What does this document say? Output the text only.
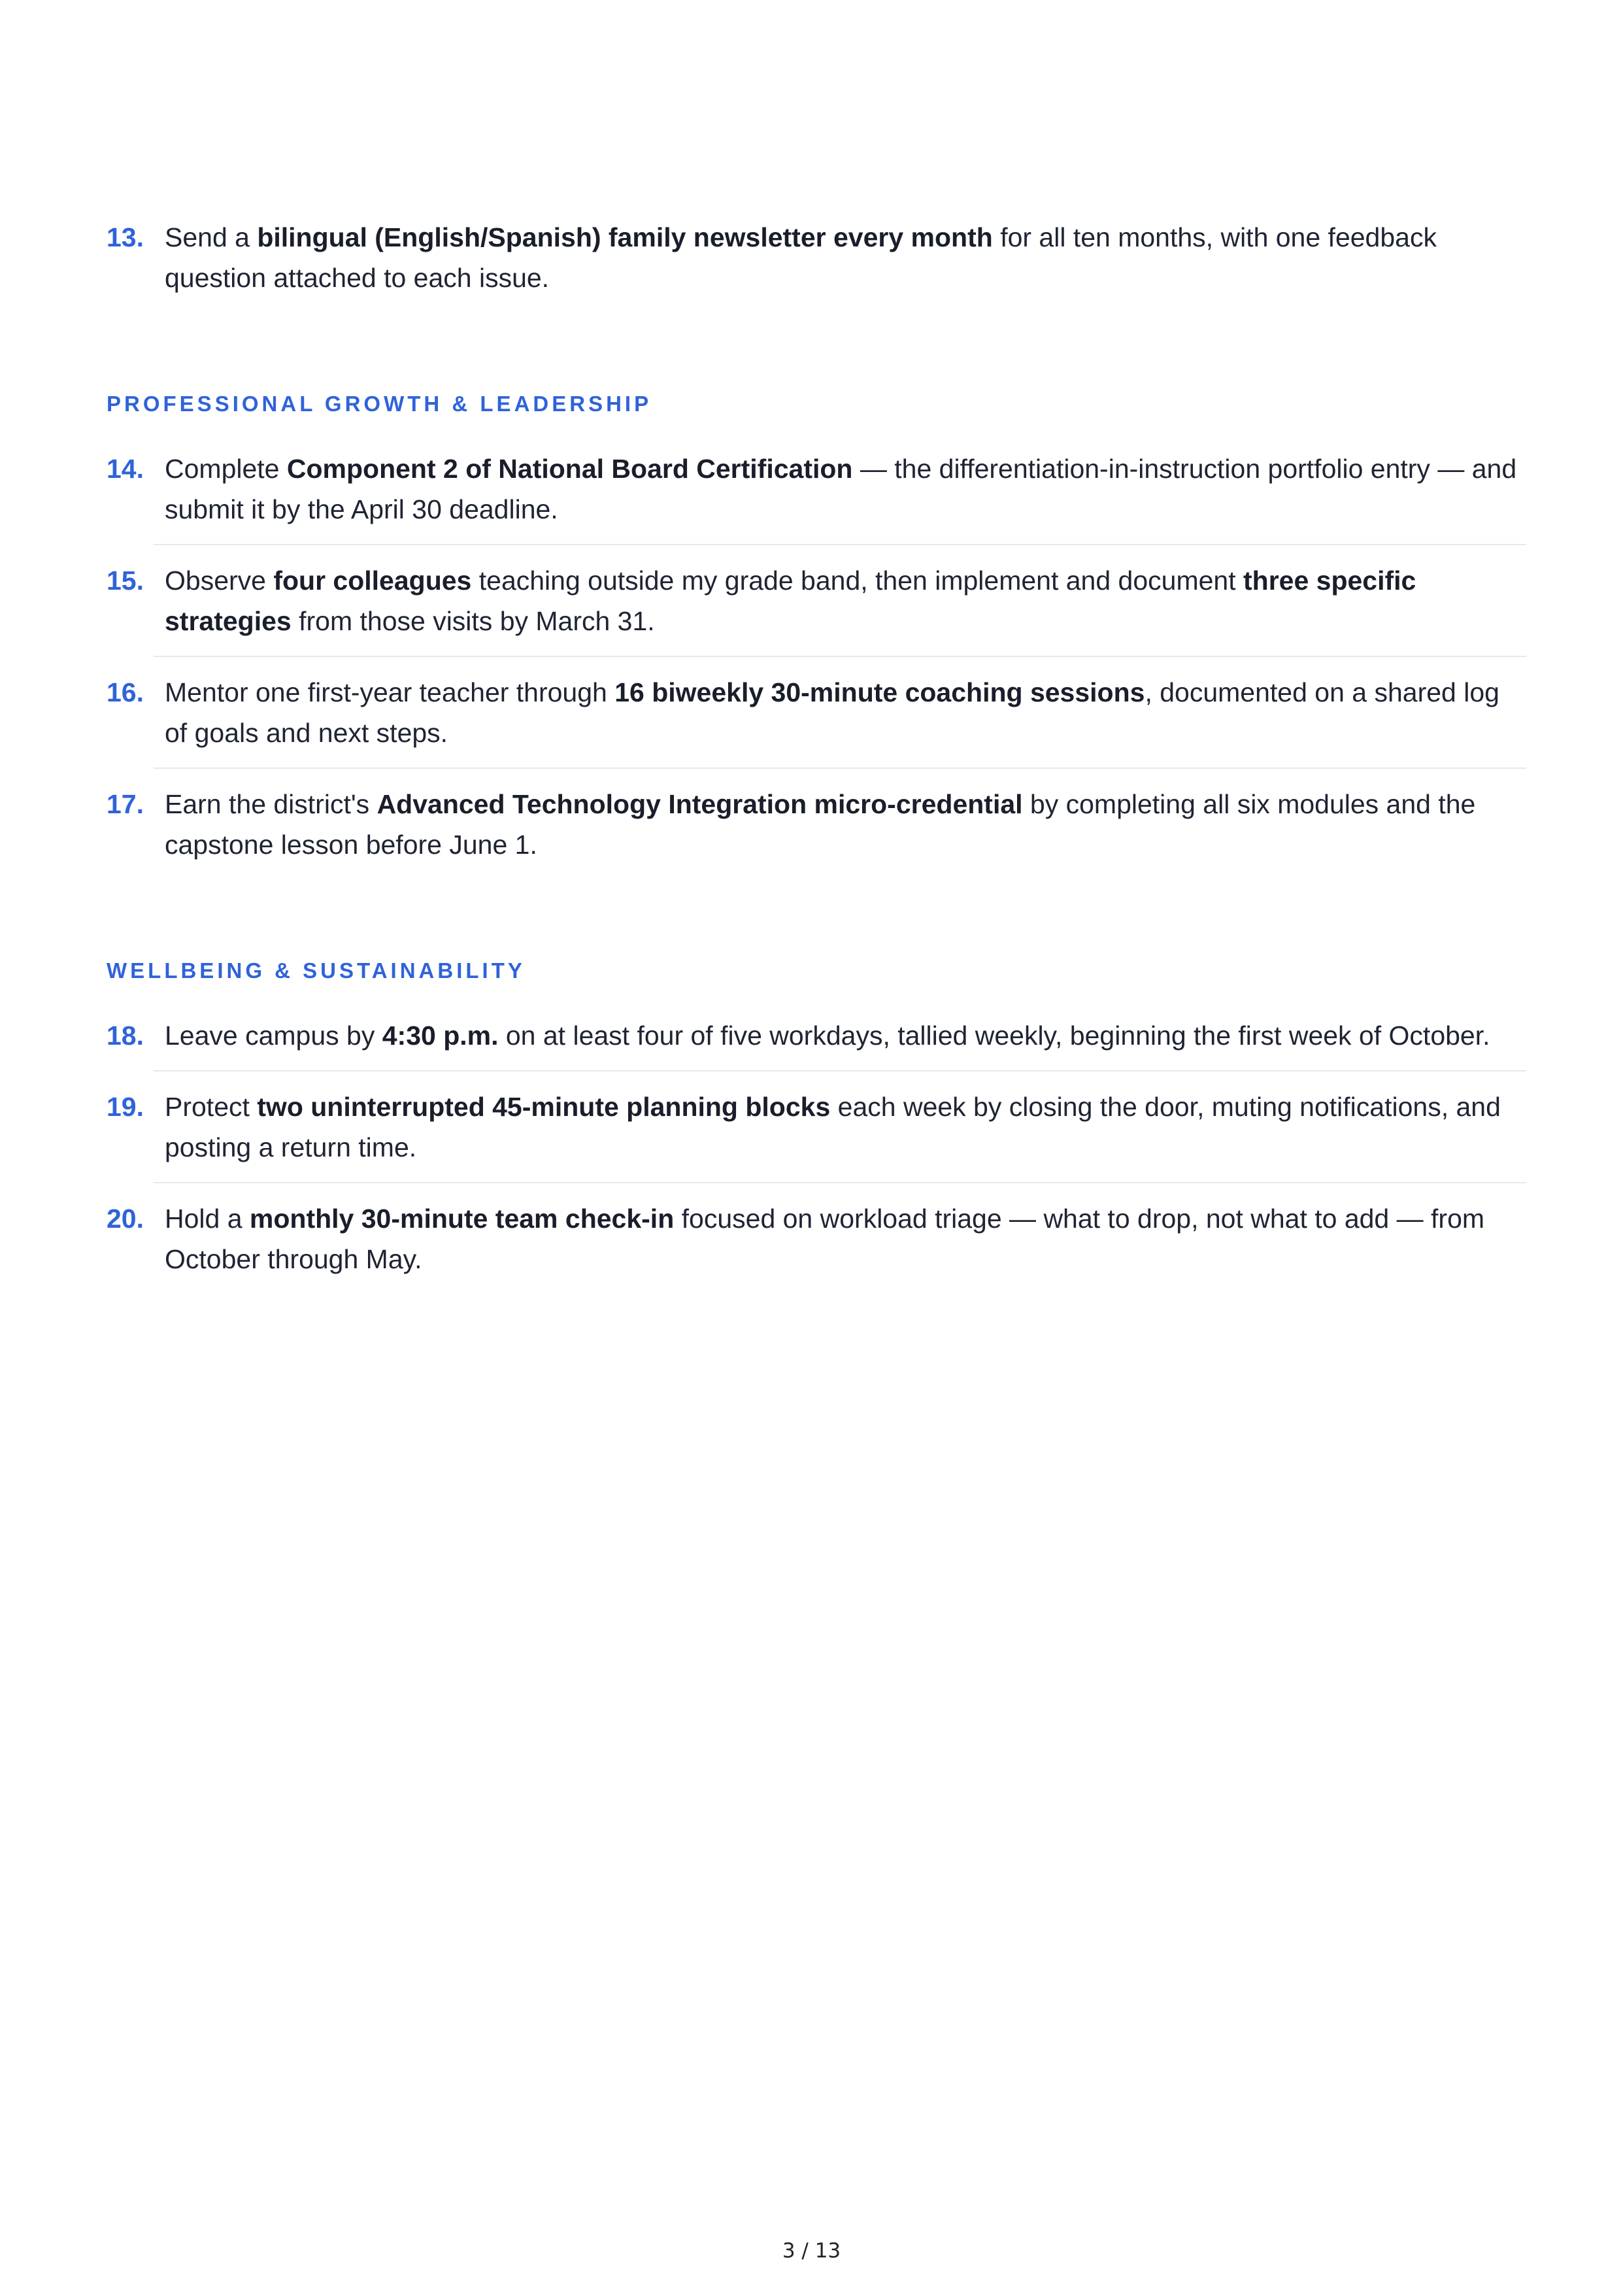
13. Send a bilingual (English/Spanish) family newsletter every month for all ten months, with one feedback question attached to each issue.
PROFESSIONAL GROWTH & LEADERSHIP
14. Complete Component 2 of National Board Certification — the differentiation-in-instruction portfolio entry — and submit it by the April 30 deadline.
15. Observe four colleagues teaching outside my grade band, then implement and document three specific strategies from those visits by March 31.
16. Mentor one first-year teacher through 16 biweekly 30-minute coaching sessions, documented on a shared log of goals and next steps.
17. Earn the district's Advanced Technology Integration micro-credential by completing all six modules and the capstone lesson before June 1.
WELLBEING & SUSTAINABILITY
18. Leave campus by 4:30 p.m. on at least four of five workdays, tallied weekly, beginning the first week of October.
19. Protect two uninterrupted 45-minute planning blocks each week by closing the door, muting notifications, and posting a return time.
20. Hold a monthly 30-minute team check-in focused on workload triage — what to drop, not what to add — from October through May.
3 / 13
